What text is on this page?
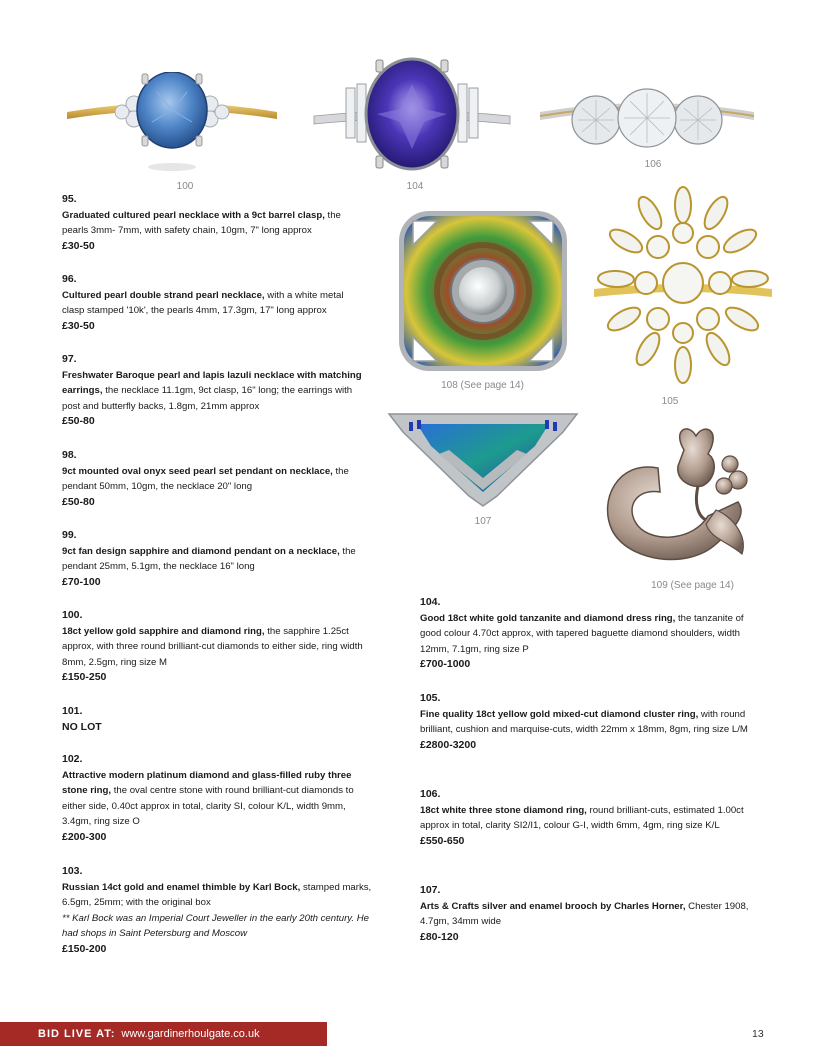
100	104
106
108 (See page 14)
105
107
109 (See page 14)
95.
Graduated cultured pearl necklace with a 9ct barrel clasp, the pearls 3mm- 7mm, with safety chain, 10gm, 7" long approx
£30-50
96.
Cultured pearl double strand pearl necklace, with a white metal clasp stamped '10k', the pearls 4mm, 17.3gm, 17" long approx
£30-50
97.
Freshwater Baroque pearl and lapis lazuli necklace with matching earrings, the necklace 11.1gm, 9ct clasp, 16" long; the earrings with post and butterfly backs, 1.8gm, 21mm approx
£50-80
98.
9ct mounted oval onyx seed pearl set pendant on necklace, the pendant 50mm, 10gm, the necklace 20" long
£50-80
99.
9ct fan design sapphire and diamond pendant on a necklace, the pendant 25mm, 5.1gm, the necklace 16" long
£70-100
100.
18ct yellow gold sapphire and diamond ring, the sapphire 1.25ct approx, with three round brilliant-cut diamonds to either side, ring width 8mm, 2.5gm, ring size M
£150-250
101.
NO LOT
102.
Attractive modern platinum diamond and glass-filled ruby three stone ring, the oval centre stone with round brilliant-cut diamonds to either side, 0.40ct approx in total, clarity SI, colour K/L, width 9mm, 3.4gm, ring size O
£200-300
103.
Russian 14ct gold and enamel thimble by Karl Bock, stamped marks, 6.5gm, 25mm; with the original box
** Karl Bock was an Imperial Court Jeweller in the early 20th century. He had shops in Saint Petersburg and Moscow
£150-200
104.
Good 18ct white gold tanzanite and diamond dress ring, the tanzanite of good colour 4.70ct approx, with tapered baguette diamond shoulders, width 12mm, 7.1gm, ring size P
£700-1000
105.
Fine quality 18ct yellow gold mixed-cut diamond cluster ring, with round brilliant, cushion and marquise-cuts, width 22mm x 18mm, 8gm, ring size L/M
£2800-3200
106.
18ct white three stone diamond ring, round brilliant-cuts, estimated 1.00ct approx in total, clarity SI2/I1, colour G-I, width 6mm, 4gm, ring size K/L
£550-650
107.
Arts & Crafts silver and enamel brooch by Charles Horner, Chester 1908, 4.7gm, 34mm wide
£80-120
BID LIVE AT: www.gardinerhoulgate.co.uk	13
